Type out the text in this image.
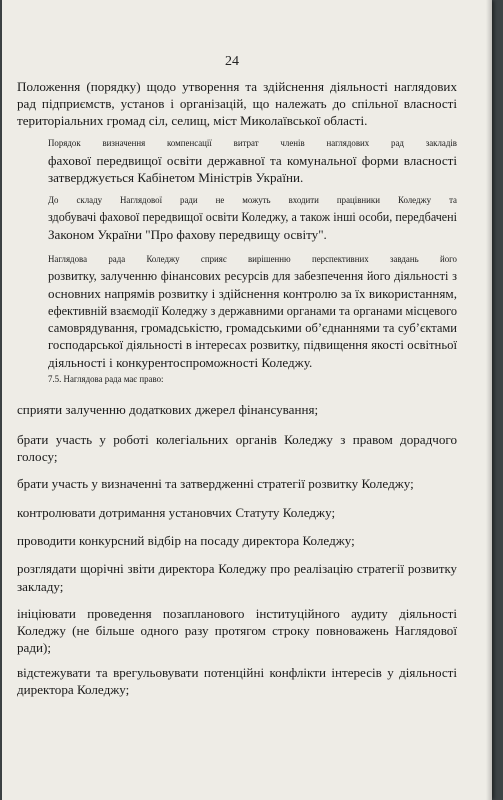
24

Положення (порядку) щодо утворення та здійснення діяльності наглядових
рад підприємств, установ і організацій, що належать до спільної власності
територіальних громад сіл, селищ, міст Миколаївської області.

Порядок визначення компенсації витрат членів наглядових рад закладів
фахової передвищої освіти державної та комунальної форми власності
затверджується Кабінетом Міністрів України.

До складу Наглядової ради не можуть входити працівники Коледжу та
здобувачі фахової передвищої освіти Коледжу, а також інші особи, передбачені
Законом України "Про фахову передвищу освіту".

Наглядова рада Коледжу сприяє вирішенню перспективних завдань його
розвитку, залученню фінансових ресурсів для забезпечення його діяльності з
основних напрямів розвитку і здійснення контролю за їх використанням,
ефективній взаємодії Коледжу з державними органами та органами місцевого
самоврядування, громадськістю, громадськими об’єднаннями та суб’єктами
господарської діяльності в інтересах розвитку, підвищення якості освітньої
діяльності і конкурентоспроможності Коледжу.

7.5. Наглядова рада має право:

сприяти залученню додаткових джерел фінансування;

брати участь у роботі колегіальних органів Коледжу з правом дорадчого
голосу;

брати участь у визначенні та затвердженні стратегії розвитку Коледжу;

контролювати дотримання установчих Статуту Коледжу;

проводити конкурсний відбір на посаду директора Коледжу;

розглядати щорічні звіти директора Коледжу про реалізацію стратегії розвитку
закладу;

ініціювати проведення позапланового інституційного аудиту діяльності
Коледжу (не більше одного разу протягом строку повноважень Наглядової
ради);

відстежувати та врегульовувати потенційні конфлікти інтересів у діяльності
директора Коледжу;
